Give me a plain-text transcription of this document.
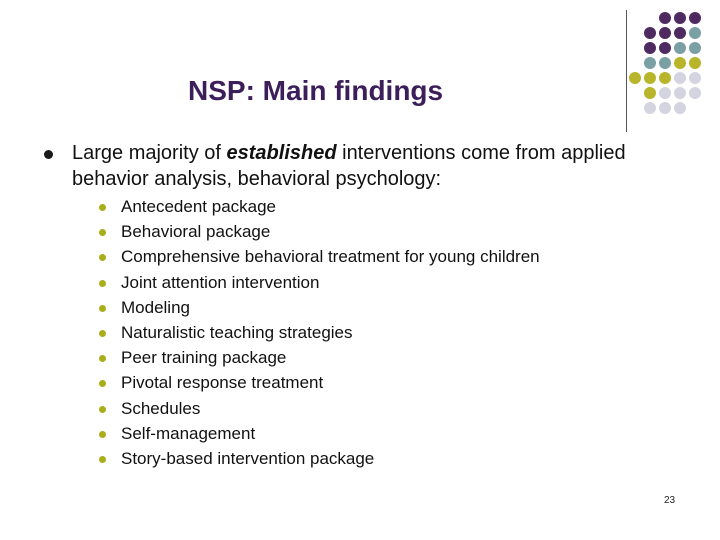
NSP: Main findings
Large majority of established interventions come from applied behavior analysis, behavioral psychology:
Antecedent package
Behavioral package
Comprehensive behavioral treatment for young children
Joint attention intervention
Modeling
Naturalistic teaching strategies
Peer training package
Pivotal response treatment
Schedules
Self-management
Story-based intervention package
23
